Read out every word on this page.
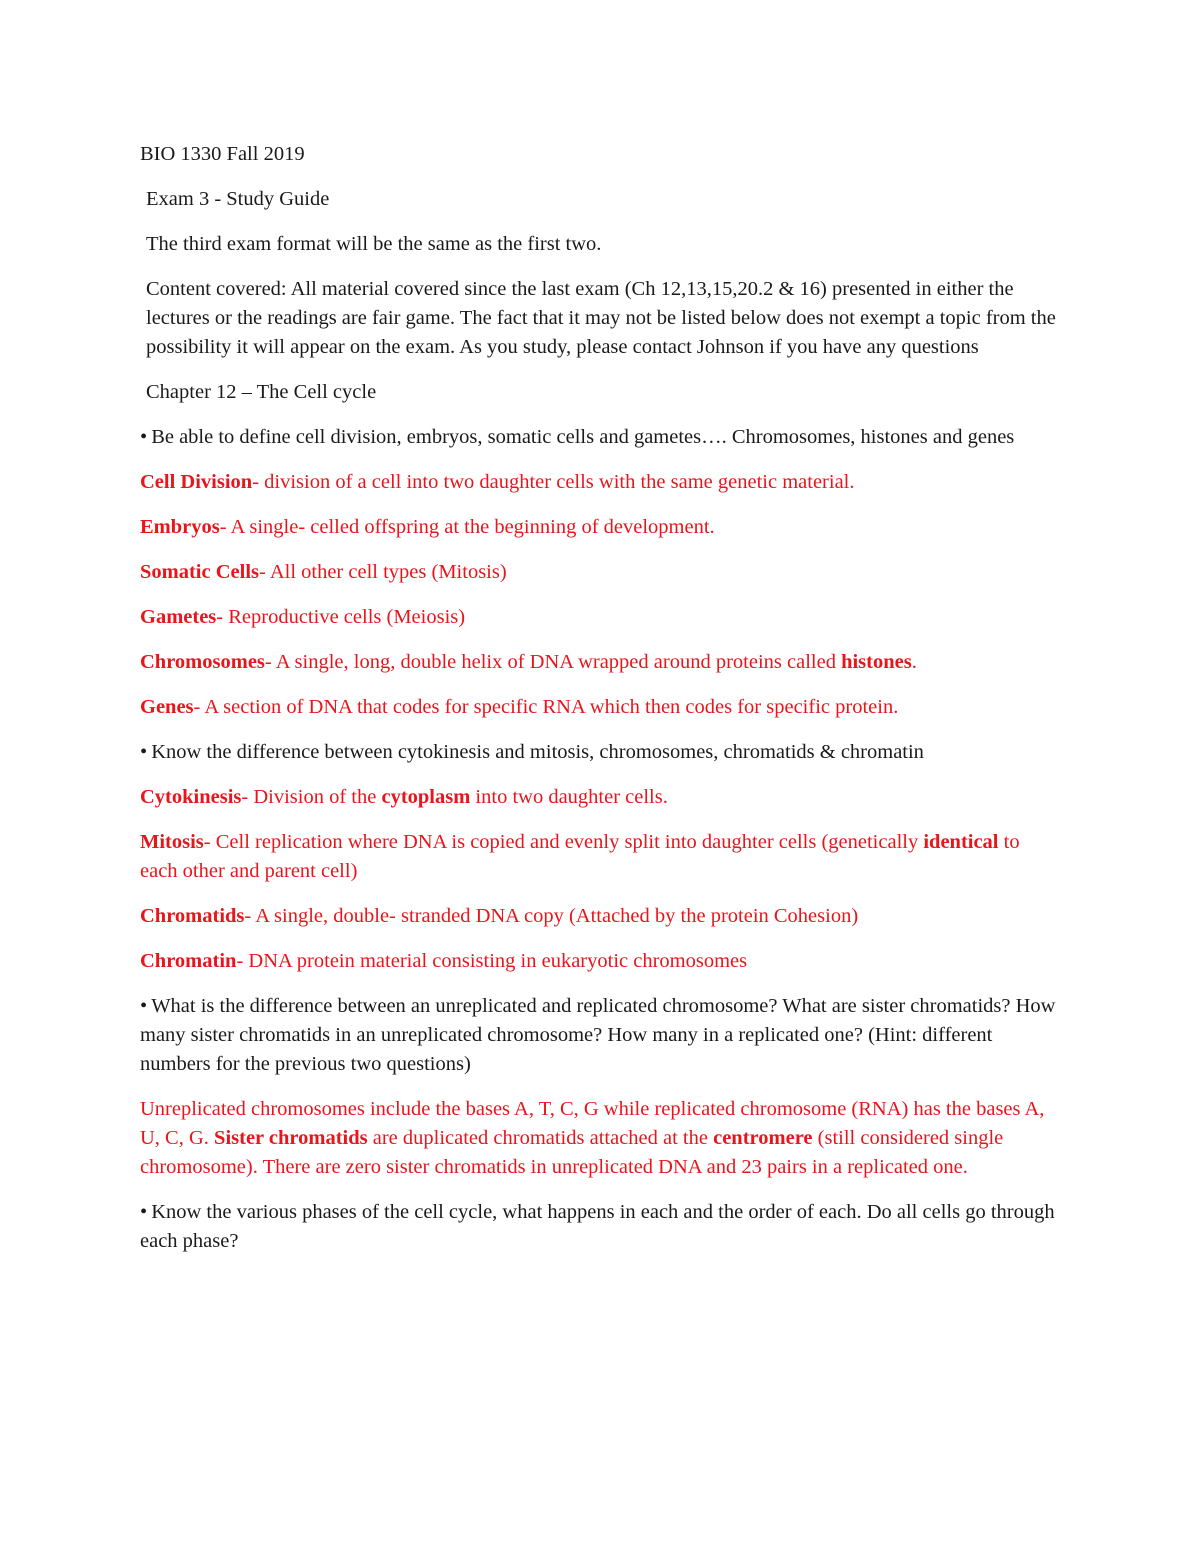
BIO 1330 Fall 2019

Exam 3 - Study Guide

The third exam format will be the same as the first two.

Content covered: All material covered since the last exam (Ch 12,13,15,20.2 & 16) presented in either the lectures or the readings are fair game. The fact that it may not be listed below does not exempt a topic from the possibility it will appear on the exam. As you study, please contact Johnson if you have any questions

Chapter 12 – The Cell cycle

• Be able to define cell division, embryos, somatic cells and gametes…. Chromosomes, histones and genes

Cell Division- division of a cell into two daughter cells with the same genetic material.

Embryos- A single- celled offspring at the beginning of development.

Somatic Cells- All other cell types (Mitosis)

Gametes- Reproductive cells (Meiosis)

Chromosomes- A single, long, double helix of DNA wrapped around proteins called histones.

Genes- A section of DNA that codes for specific RNA which then codes for specific protein.

• Know the difference between cytokinesis and mitosis, chromosomes, chromatids & chromatin

Cytokinesis- Division of the cytoplasm into two daughter cells.

Mitosis- Cell replication where DNA is copied and evenly split into daughter cells (genetically identical to each other and parent cell)

Chromatids- A single, double- stranded DNA copy (Attached by the protein Cohesion)

Chromatin- DNA protein material consisting in eukaryotic chromosomes

• What is the difference between an unreplicated and replicated chromosome? What are sister chromatids? How many sister chromatids in an unreplicated chromosome? How many in a replicated one? (Hint: different numbers for the previous two questions)

Unreplicated chromosomes include the bases A, T, C, G while replicated chromosome (RNA) has the bases A, U, C, G. Sister chromatids are duplicated chromatids attached at the centromere (still considered single chromosome). There are zero sister chromatids in unreplicated DNA and 23 pairs in a replicated one.

• Know the various phases of the cell cycle, what happens in each and the order of each. Do all cells go through each phase?
